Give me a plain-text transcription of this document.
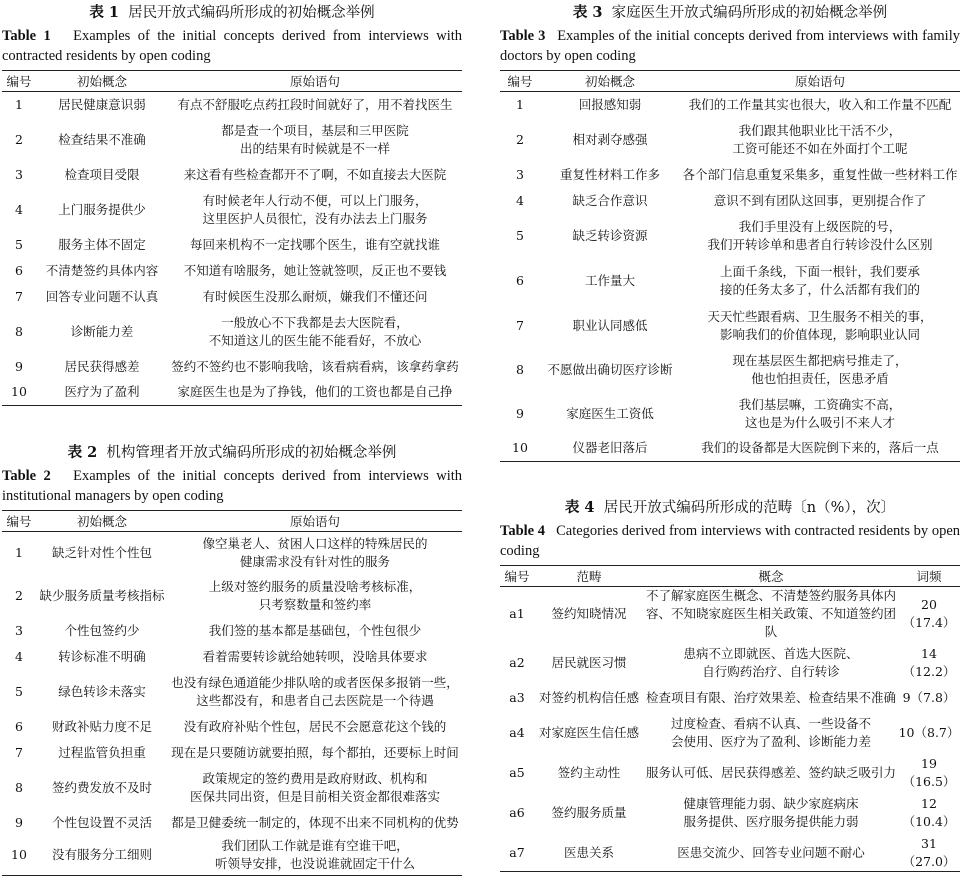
表 1 居民开放式编码所形成的初始概念举例
Table 1 Examples of the initial concepts derived from interviews with contracted residents by open coding
编号	初始概念	原始语句
1	居民健康意识弱	有点不舒服吃点药扛段时间就好了，用不着找医生
2	检查结果不准确	都是查一个项目，基层和三甲医院
出的结果有时候就是不一样
3	检查项目受限	来这看有些检查都开不了啊，不如直接去大医院
4	上门服务提供少	有时候老年人行动不便，可以上门服务，
这里医护人员很忙，没有办法去上门服务
5	服务主体不固定	每回来机构不一定找哪个医生，谁有空就找谁
6	不清楚签约具体内容	不知道有啥服务，她让签就签呗，反正也不要钱
7	回答专业问题不认真	有时候医生没那么耐烦，嫌我们不懂还问
8	诊断能力差	一般放心不下我都是去大医院看，
不知道这儿的医生能不能看好，不放心
9	居民获得感差	签约不签约也不影响我啥，该看病看病，该拿药拿药
10	医疗为了盈利	家庭医生也是为了挣钱，他们的工资也都是自己挣
表 2 机构管理者开放式编码所形成的初始概念举例
Table 2 Examples of the initial concepts derived from interviews with institutional managers by open coding
编号	初始概念	原始语句
1	缺乏针对性个性包	像空巢老人、贫困人口这样的特殊居民的
健康需求没有针对性的服务
2	缺少服务质量考核指标	上级对签约服务的质量没啥考核标准，
只考察数量和签约率
3	个性包签约少	我们签的基本都是基础包，个性包很少
4	转诊标准不明确	看着需要转诊就给她转呗，没啥具体要求
5	绿色转诊未落实	也没有绿色通道能少排队啥的或者医保多报销一些，
这些都没有，和患者自己去医院是一个待遇
6	财政补贴力度不足	没有政府补贴个性包，居民不会愿意花这个钱的
7	过程监管负担重	现在是只要随访就要拍照，每个都拍，还要标上时间
8	签约费发放不及时	政策规定的签约费用是政府财政、机构和
医保共同出资，但是目前相关资金都很难落实
9	个性包设置不灵活	都是卫健委统一制定的，体现不出来不同机构的优势
10	没有服务分工细则	我们团队工作就是谁有空谁干吧，
听领导安排，也没说谁就固定干什么
表 3 家庭医生开放式编码所形成的初始概念举例
Table 3 Examples of the initial concepts derived from interviews with family doctors by open coding
编号	初始概念	原始语句
1	回报感知弱	我们的工作量其实也很大，收入和工作量不匹配
2	相对剥夺感强	我们跟其他职业比干活不少，
工资可能还不如在外面打个工呢
3	重复性材料工作多	各个部门信息重复采集多，重复性做一些材料工作
4	缺乏合作意识	意识不到有团队这回事，更别提合作了
5	缺乏转诊资源	我们手里没有上级医院的号，
我们开转诊单和患者自行转诊没什么区别
6	工作量大	上面千条线，下面一根针，我们要承
接的任务太多了，什么活都有我们的
7	职业认同感低	天天忙些跟看病、卫生服务不相关的事，
影响我们的价值体现，影响职业认同
8	不愿做出确切医疗诊断	现在基层医生都把病号推走了，
他也怕担责任，医患矛盾
9	家庭医生工资低	我们基层嘛，工资确实不高，
这也是为什么吸引不来人才
10	仪器老旧落后	我们的设备都是大医院倒下来的，落后一点
表 4 居民开放式编码所形成的范畴〔n（%），次〕
Table 4 Categories derived from interviews with contracted residents by open coding
编号	范畴	概念	词频
a1	签约知晓情况	不了解家庭医生概念、不清楚签约服务具体内
容、不知晓家庭医生相关政策、不知道签约团队	20（17.4）
a2	居民就医习惯	患病不立即就医、首选大医院、
自行购药治疗、自行转诊	14（12.2）
a3	对签约机构信任感	检查项目有限、治疗效果差、检查结果不准确	9（7.8）
a4	对家庭医生信任感	过度检查、看病不认真、一些设备不
会使用、医疗为了盈利、诊断能力差	10（8.7）
a5	签约主动性	服务认可低、居民获得感差、签约缺乏吸引力	19（16.5）
a6	签约服务质量	健康管理能力弱、缺少家庭病床
服务提供、医疗服务提供能力弱	12（10.4）
a7	医患关系	医患交流少、回答专业问题不耐心	31（27.0）
